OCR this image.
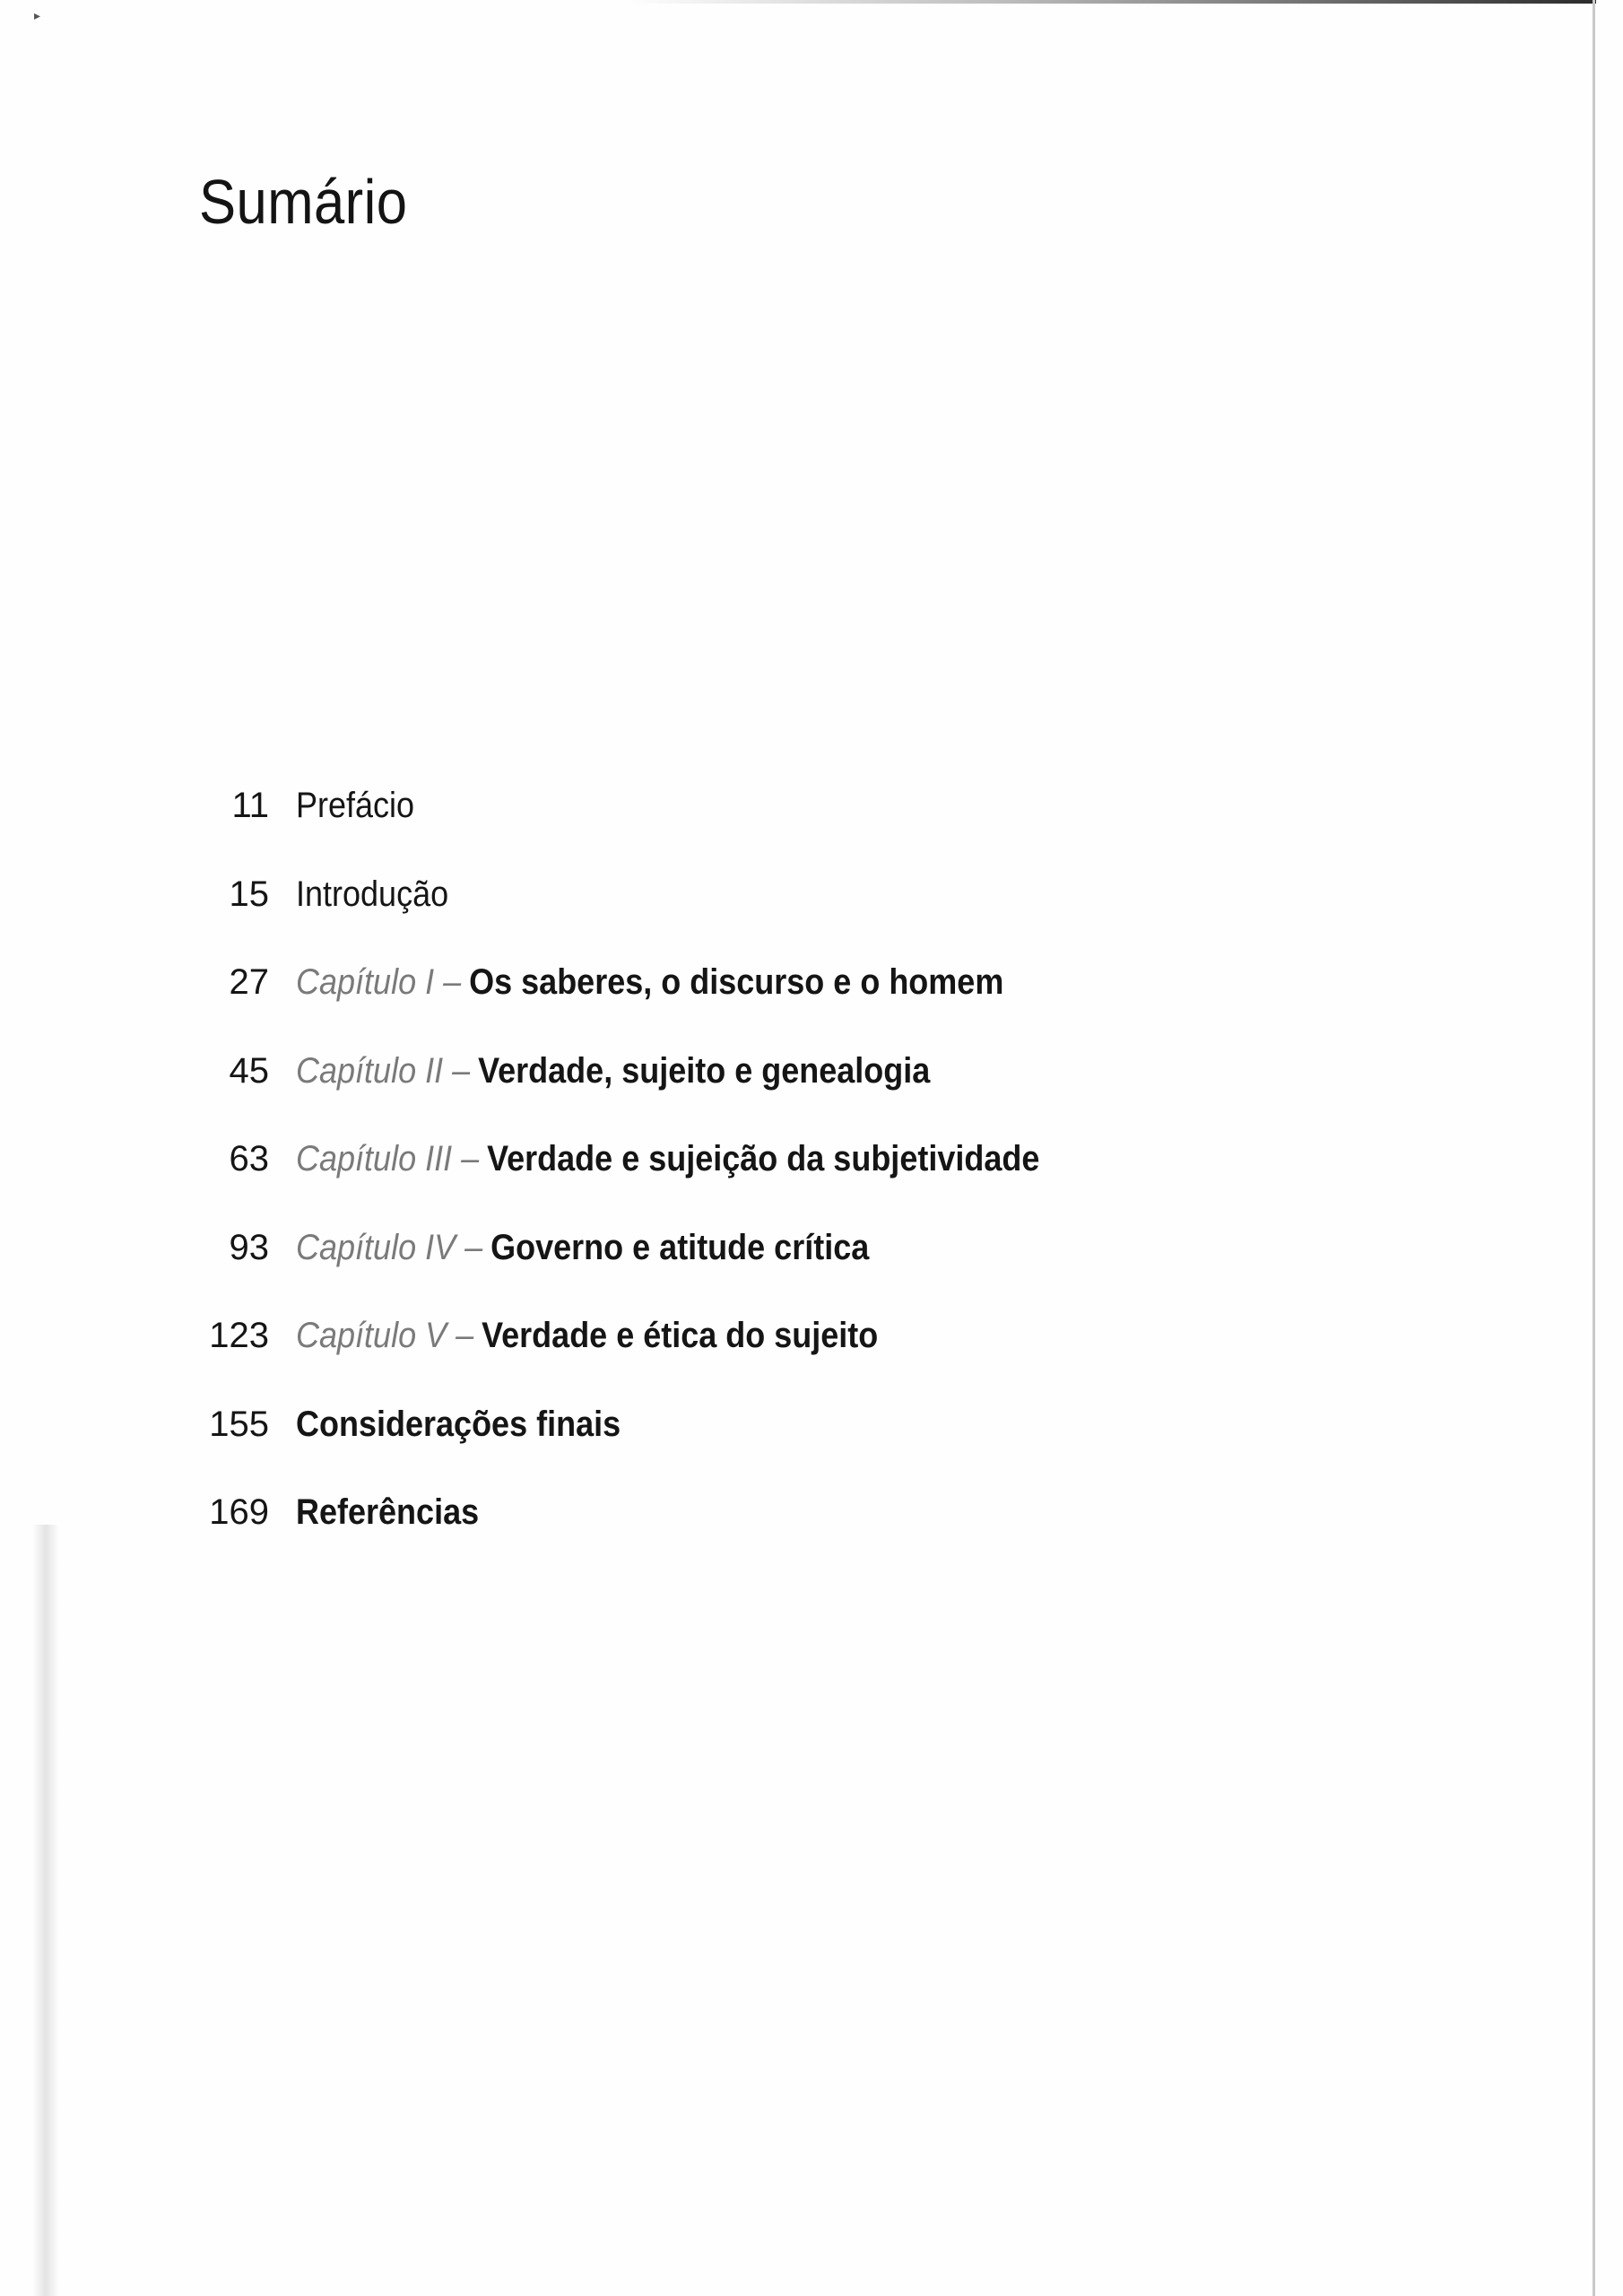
▸
Sumário
11 Prefácio
15 Introdução
27 Capítulo I – Os saberes, o discurso e o homem
45 Capítulo II – Verdade, sujeito e genealogia
63 Capítulo III – Verdade e sujeição da subjetividade
93 Capítulo IV – Governo e atitude crítica
123 Capítulo V – Verdade e ética do sujeito
155 Considerações finais
169 Referências
